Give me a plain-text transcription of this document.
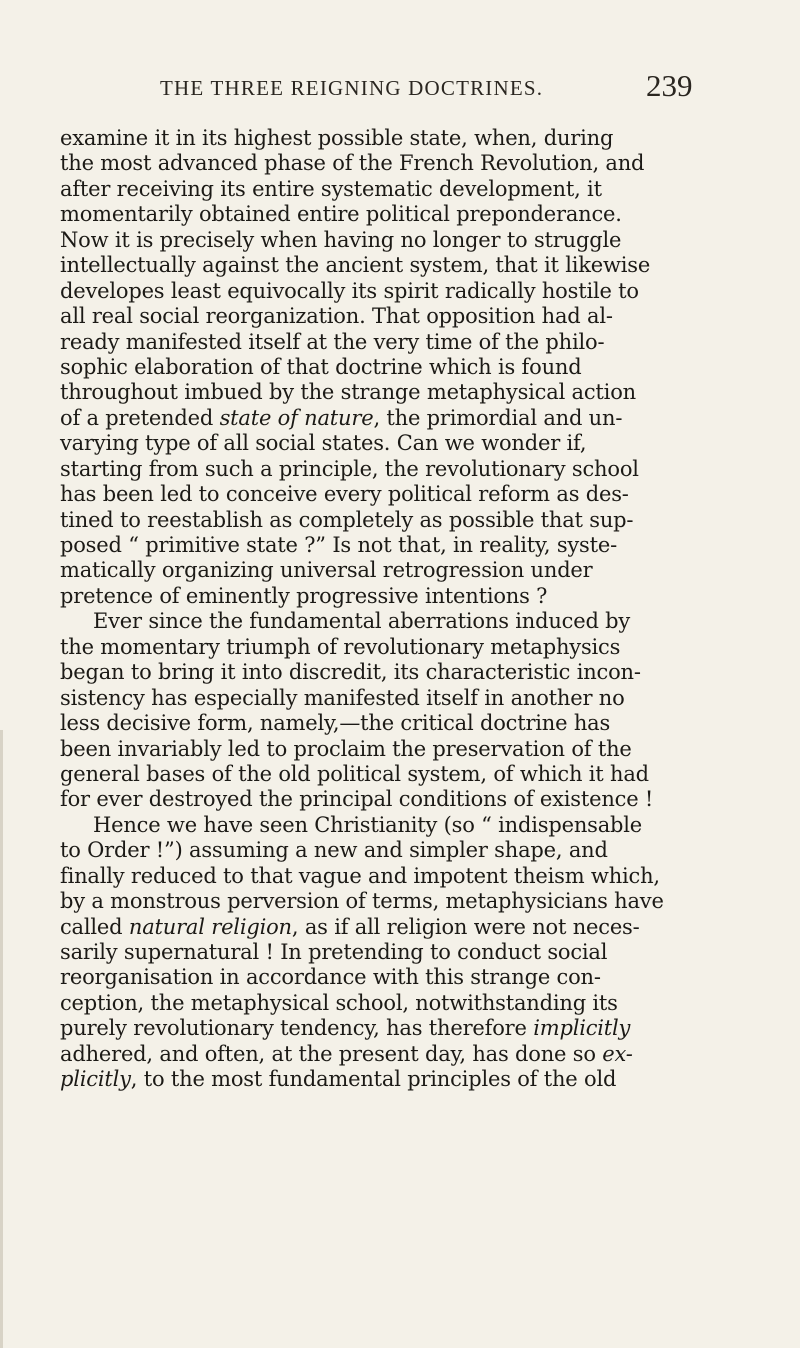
THE THREE REIGNING DOCTRINES.	239
examine it in its highest possible state, when, during
the most advanced phase of the French Revolution, and
after receiving its entire systematic development, it
momentarily obtained entire political preponderance.
Now it is precisely when having no longer to struggle
intellectually against the ancient system, that it likewise
developes least equivocally its spirit radically hostile to
all real social reorganization. That opposition had al-
ready manifested itself at the very time of the philo-
sophic elaboration of that doctrine which is found
throughout imbued by the strange metaphysical action
of a pretended state of nature, the primordial and un-
varying type of all social states. Can we wonder if,
starting from such a principle, the revolutionary school
has been led to conceive every political reform as des-
tined to reestablish as completely as possible that sup-
posed “ primitive state ?” Is not that, in reality, syste-
matically organizing universal retrogression under
pretence of eminently progressive intentions ?
Ever since the fundamental aberrations induced by
the momentary triumph of revolutionary metaphysics
began to bring it into discredit, its characteristic incon-
sistency has especially manifested itself in another no
less decisive form, namely,—the critical doctrine has
been invariably led to proclaim the preservation of the
general bases of the old political system, of which it had
for ever destroyed the principal conditions of existence !
Hence we have seen Christianity (so “ indispensable
to Order !”) assuming a new and simpler shape, and
finally reduced to that vague and impotent theism which,
by a monstrous perversion of terms, metaphysicians have
called natural religion, as if all religion were not neces-
sarily supernatural ! In pretending to conduct social
reorganisation in accordance with this strange con-
ception, the metaphysical school, notwithstanding its
purely revolutionary tendency, has therefore implicitly
adhered, and often, at the present day, has done so ex-
plicitly, to the most fundamental principles of the old
